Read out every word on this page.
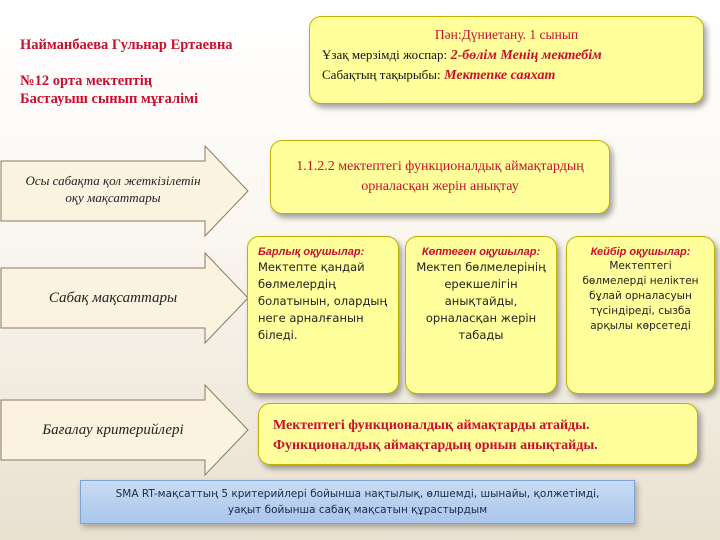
Найманбаева Гульнар Ертаевна
№12 орта мектептің
Бастауыш сынып мұғалімі
Пән:Дүниетану. 1 сынып
Ұзақ мерзімді жоспар: 2-бөлім Менің мектебім
Сабақтың тақырыбы: Мектепке саяхат
Осы сабақта қол жеткізілетін оқу мақсаттары
Сабақ мақсаттары
Бағалау критерийлері
1.1.2.2 мектептегі функционалдық аймақтардың орналасқан жерін анықтау
Барлық оқушылар:
Мектепте қандай бөлмелердің болатынын, олардың неге арналғанын біледі.
Көптеген оқушылар:
Мектеп бөлмелерінің ерекшелігін анықтайды, орналасқан жерін табады
Кейбір оқушылар:
Мектептегі бөлмелерді неліктен бұлай орналасуын түсіндіреді, сызба арқылы көрсетеді
Мектептегі функционалдық аймақтарды атайды.
Функционалдық аймақтардың орнын анықтайды.
SMA RT-мақсаттың 5 критерийлері бойынша нақтылық, өлшемді, шынайы, қолжетімді,
уақыт бойынша сабақ мақсатын құрастырдым
